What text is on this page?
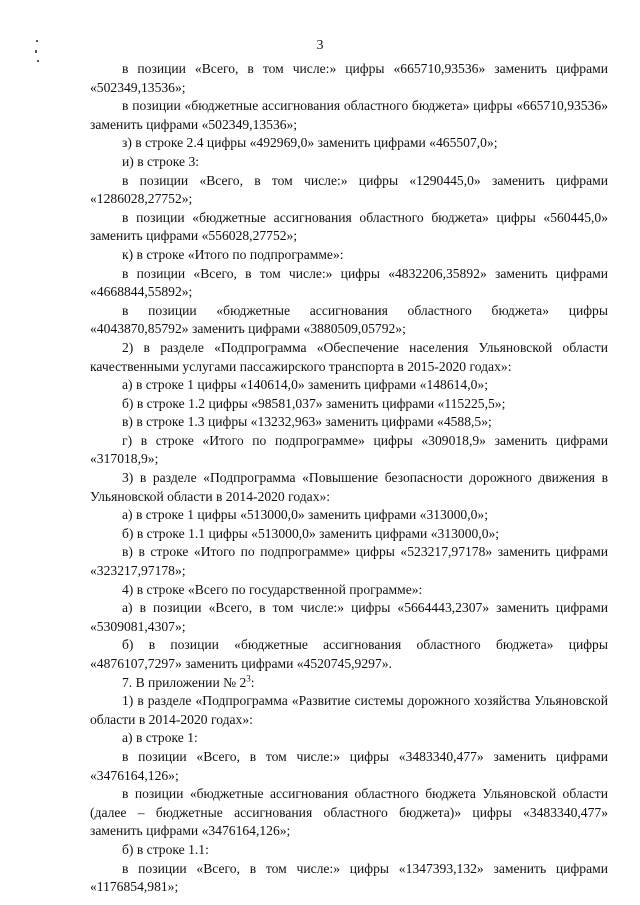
3

в позиции «Всего, в том числе:» цифры «665710,93536» заменить цифрами «502349,13536»;

в позиции «бюджетные ассигнования областного бюджета» цифры «665710,93536» заменить цифрами «502349,13536»;

з) в строке 2.4 цифры «492969,0» заменить цифрами «465507,0»;

и) в строке 3:

в позиции «Всего, в том числе:» цифры «1290445,0» заменить цифрами «1286028,27752»;

в позиции «бюджетные ассигнования областного бюджета» цифры «560445,0» заменить цифрами «556028,27752»;

к) в строке «Итого по подпрограмме»:

в позиции «Всего, в том числе:» цифры «4832206,35892» заменить цифрами «4668844,55892»;

в позиции «бюджетные ассигнования областного бюджета» цифры «4043870,85792» заменить цифрами «3880509,05792»;

2) в разделе «Подпрограмма «Обеспечение населения Ульяновской области качественными услугами пассажирского транспорта в 2015-2020 годах»:

а) в строке 1 цифры «140614,0» заменить цифрами «148614,0»;

б) в строке 1.2 цифры «98581,037» заменить цифрами «115225,5»;

в) в строке 1.3 цифры «13232,963» заменить цифрами «4588,5»;

г) в строке «Итого по подпрограмме» цифры «309018,9» заменить цифрами «317018,9»;

3) в разделе «Подпрограмма «Повышение безопасности дорожного движения в Ульяновской области в 2014-2020 годах»:

а) в строке 1 цифры «513000,0» заменить цифрами «313000,0»;

б) в строке 1.1 цифры «513000,0» заменить цифрами «313000,0»;

в) в строке «Итого по подпрограмме» цифры «523217,97178» заменить цифрами «323217,97178»;

4) в строке «Всего по государственной программе»:

а) в позиции «Всего, в том числе:» цифры «5664443,2307» заменить цифрами «5309081,4307»;

б) в позиции «бюджетные ассигнования областного бюджета» цифры «4876107,7297» заменить цифрами «4520745,9297».

7. В приложении № $2^3$:

1) в разделе «Подпрограмма «Развитие системы дорожного хозяйства Ульяновской области в 2014-2020 годах»:

а) в строке 1:

в позиции «Всего, в том числе:» цифры «3483340,477» заменить цифрами «3476164,126»;

в позиции «бюджетные ассигнования областного бюджета Ульяновской области (далее – бюджетные ассигнования областного бюджета)» цифры «3483340,477» заменить цифрами «3476164,126»;

б) в строке 1.1:

в позиции «Всего, в том числе:» цифры «1347393,132» заменить цифрами «1176854,981»;
